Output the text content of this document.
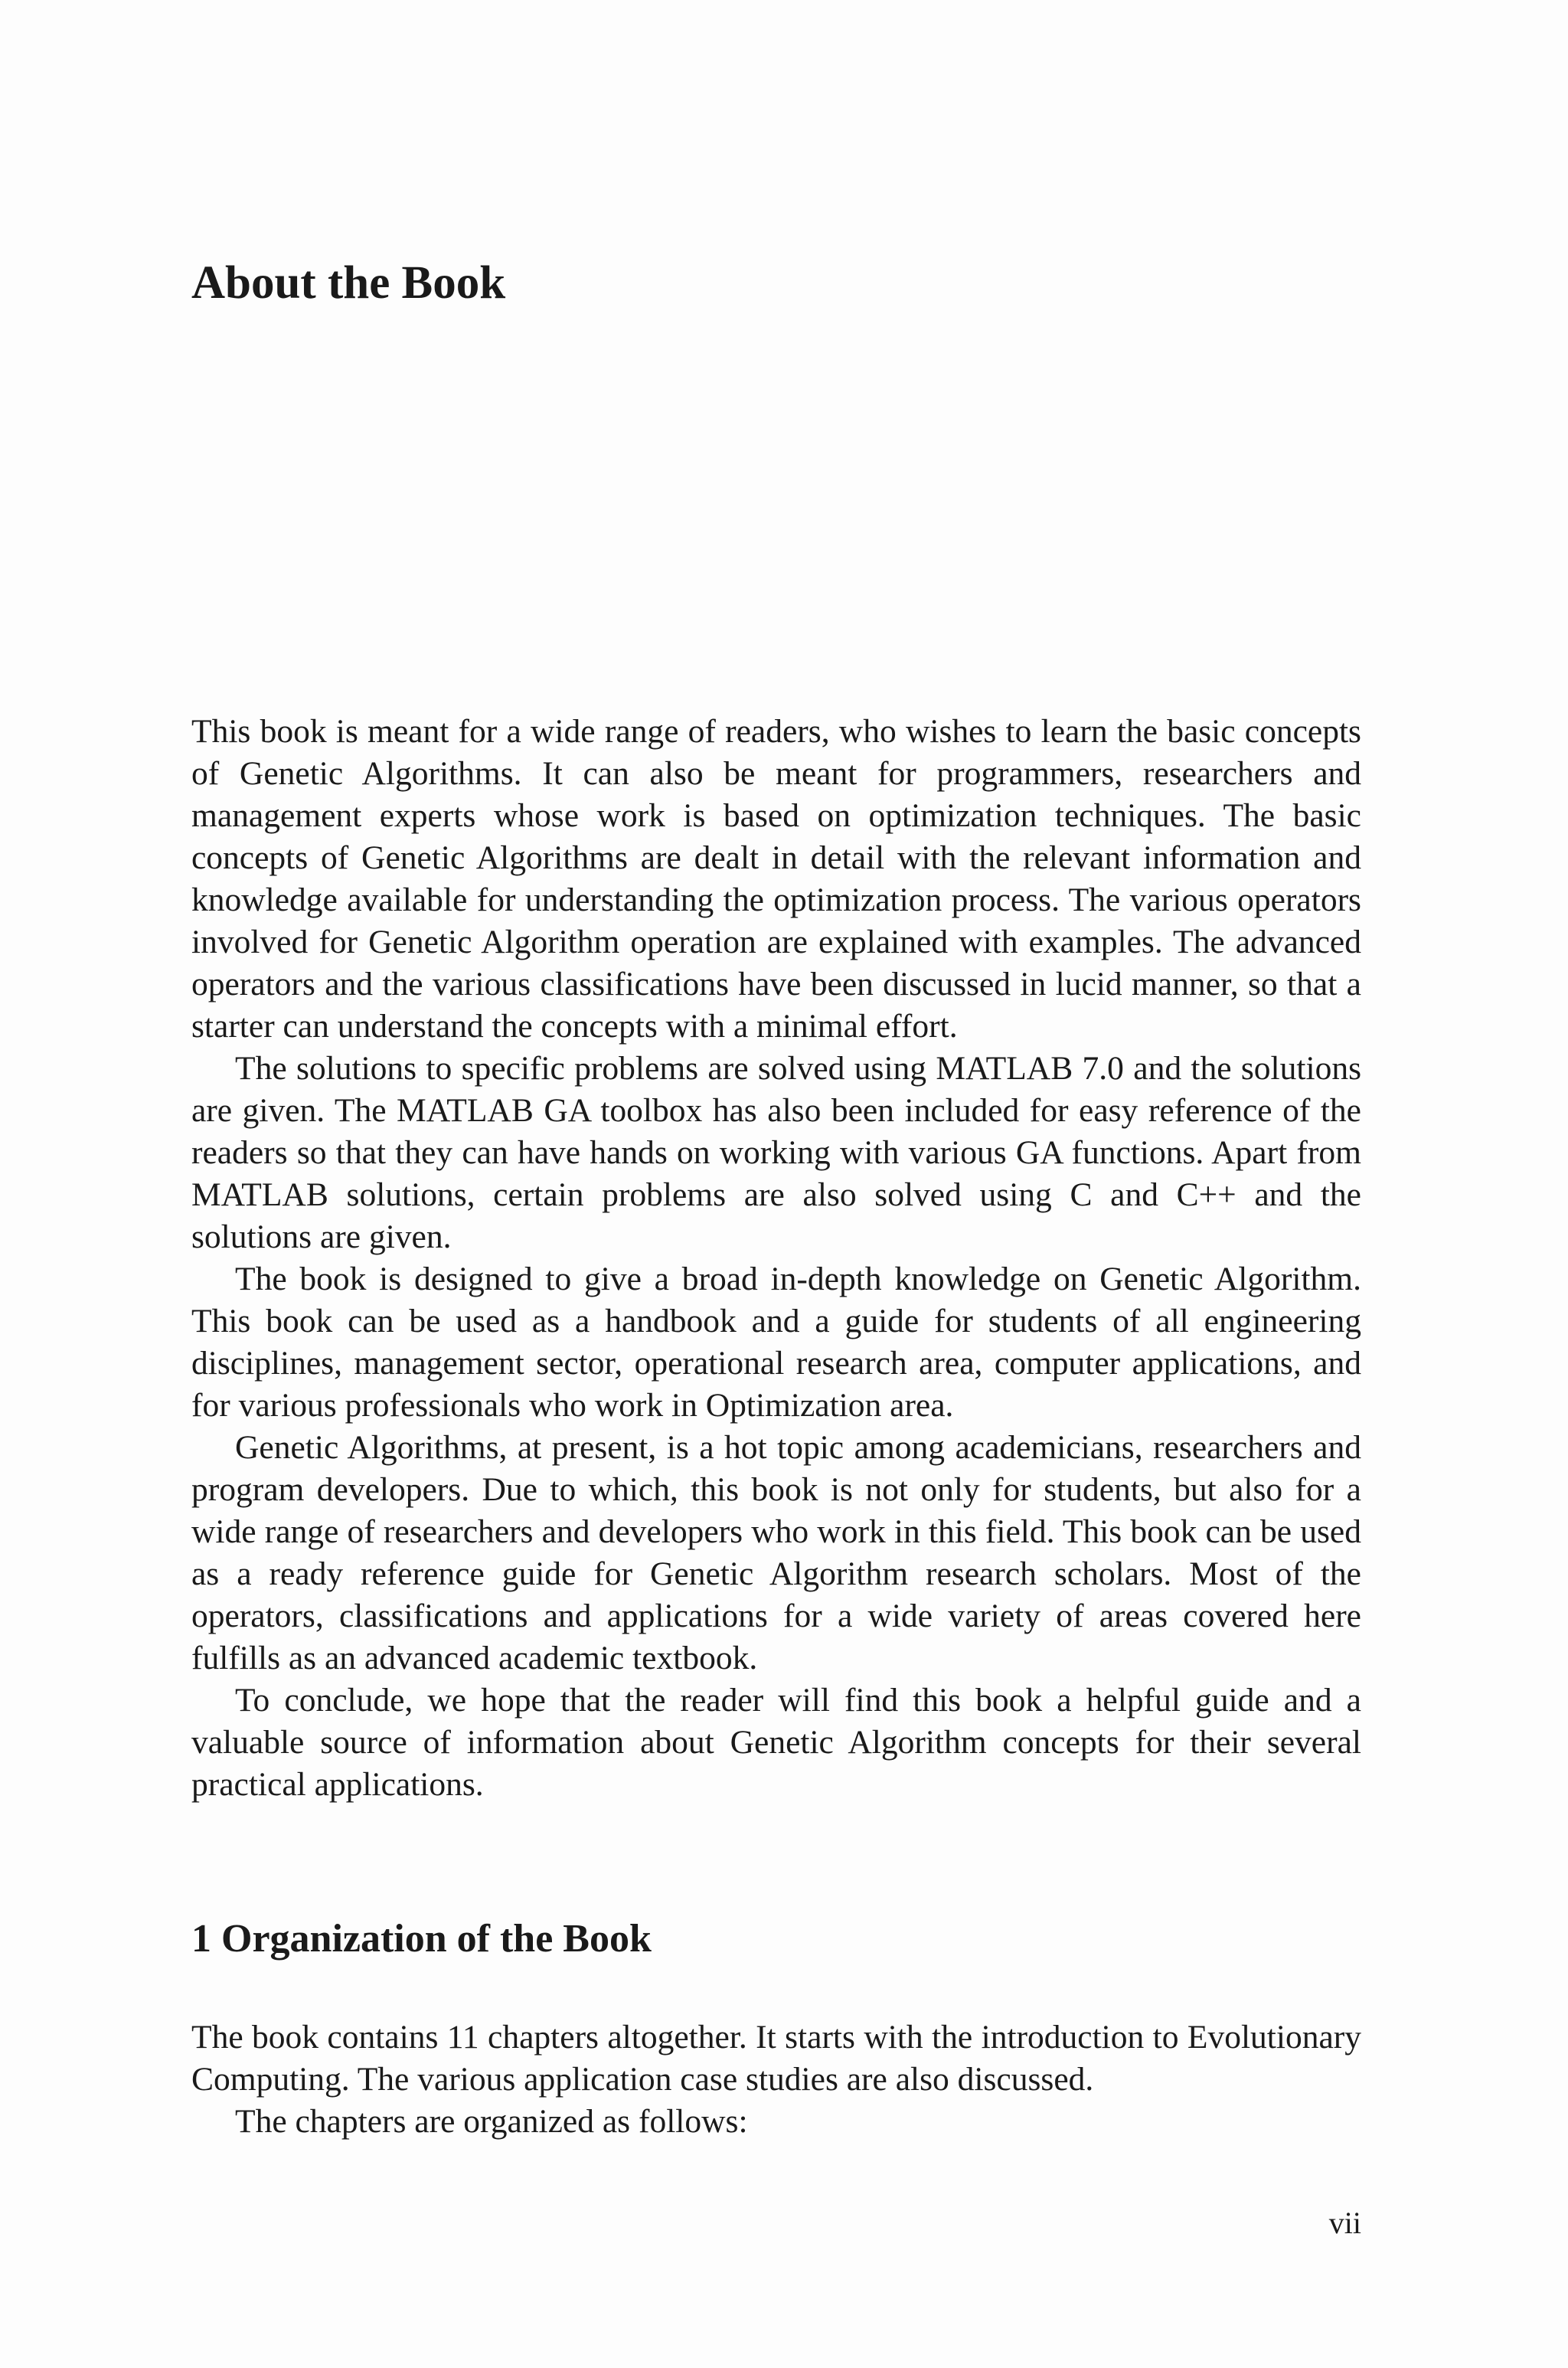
About the Book

This book is meant for a wide range of readers, who wishes to learn the basic concepts of Genetic Algorithms. It can also be meant for programmers, researchers and management experts whose work is based on optimization techniques. The basic concepts of Genetic Algorithms are dealt in detail with the relevant information and knowledge available for understanding the optimization process. The various operators involved for Genetic Algorithm operation are explained with examples. The advanced operators and the various classifications have been discussed in lucid manner, so that a starter can understand the concepts with a minimal effort.

The solutions to specific problems are solved using MATLAB 7.0 and the solutions are given. The MATLAB GA toolbox has also been included for easy reference of the readers so that they can have hands on working with various GA functions. Apart from MATLAB solutions, certain problems are also solved using C and C++ and the solutions are given.

The book is designed to give a broad in-depth knowledge on Genetic Algorithm. This book can be used as a handbook and a guide for students of all engineering disciplines, management sector, operational research area, computer applications, and for various professionals who work in Optimization area.

Genetic Algorithms, at present, is a hot topic among academicians, researchers and program developers. Due to which, this book is not only for students, but also for a wide range of researchers and developers who work in this field. This book can be used as a ready reference guide for Genetic Algorithm research scholars. Most of the operators, classifications and applications for a wide variety of areas covered here fulfills as an advanced academic textbook.

To conclude, we hope that the reader will find this book a helpful guide and a valuable source of information about Genetic Algorithm concepts for their several practical applications.

1 Organization of the Book

The book contains 11 chapters altogether. It starts with the introduction to Evolutionary Computing. The various application case studies are also discussed.

The chapters are organized as follows:

vii
